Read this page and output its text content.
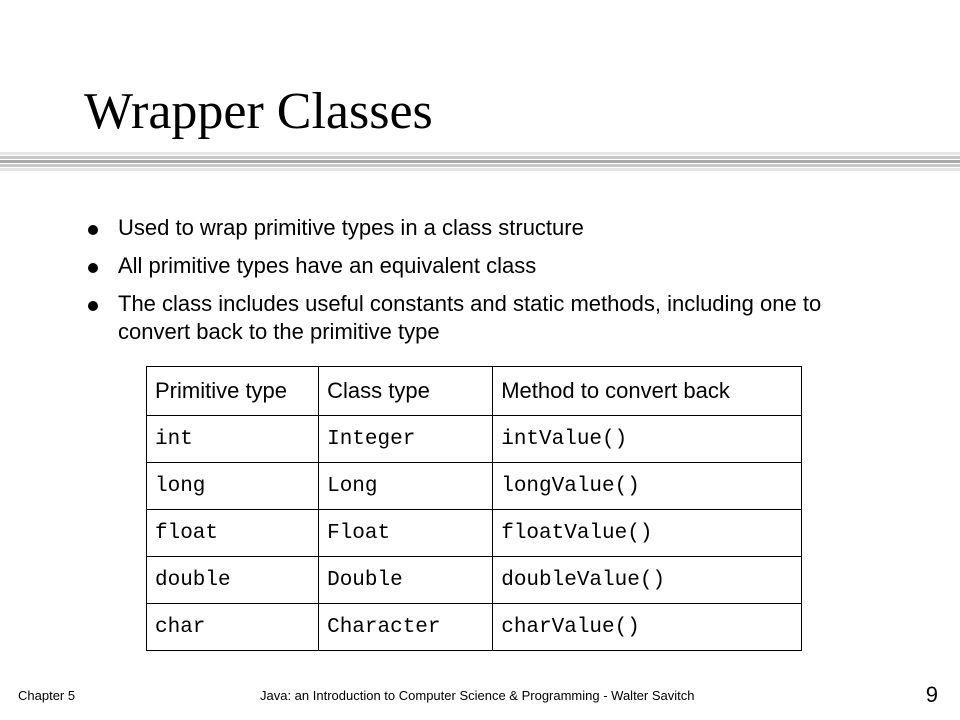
Wrapper Classes
Used to wrap primitive types in a class structure
All primitive types have an equivalent class
The class includes useful constants and static methods, including one to convert back to the primitive type
Primitive type	Class type	Method to convert back
int	Integer	intValue()
long	Long	longValue()
float	Float	floatValue()
double	Double	doubleValue()
char	Character	charValue()
Chapter 5	Java: an Introduction to Computer Science & Programming - Walter Savitch	9
